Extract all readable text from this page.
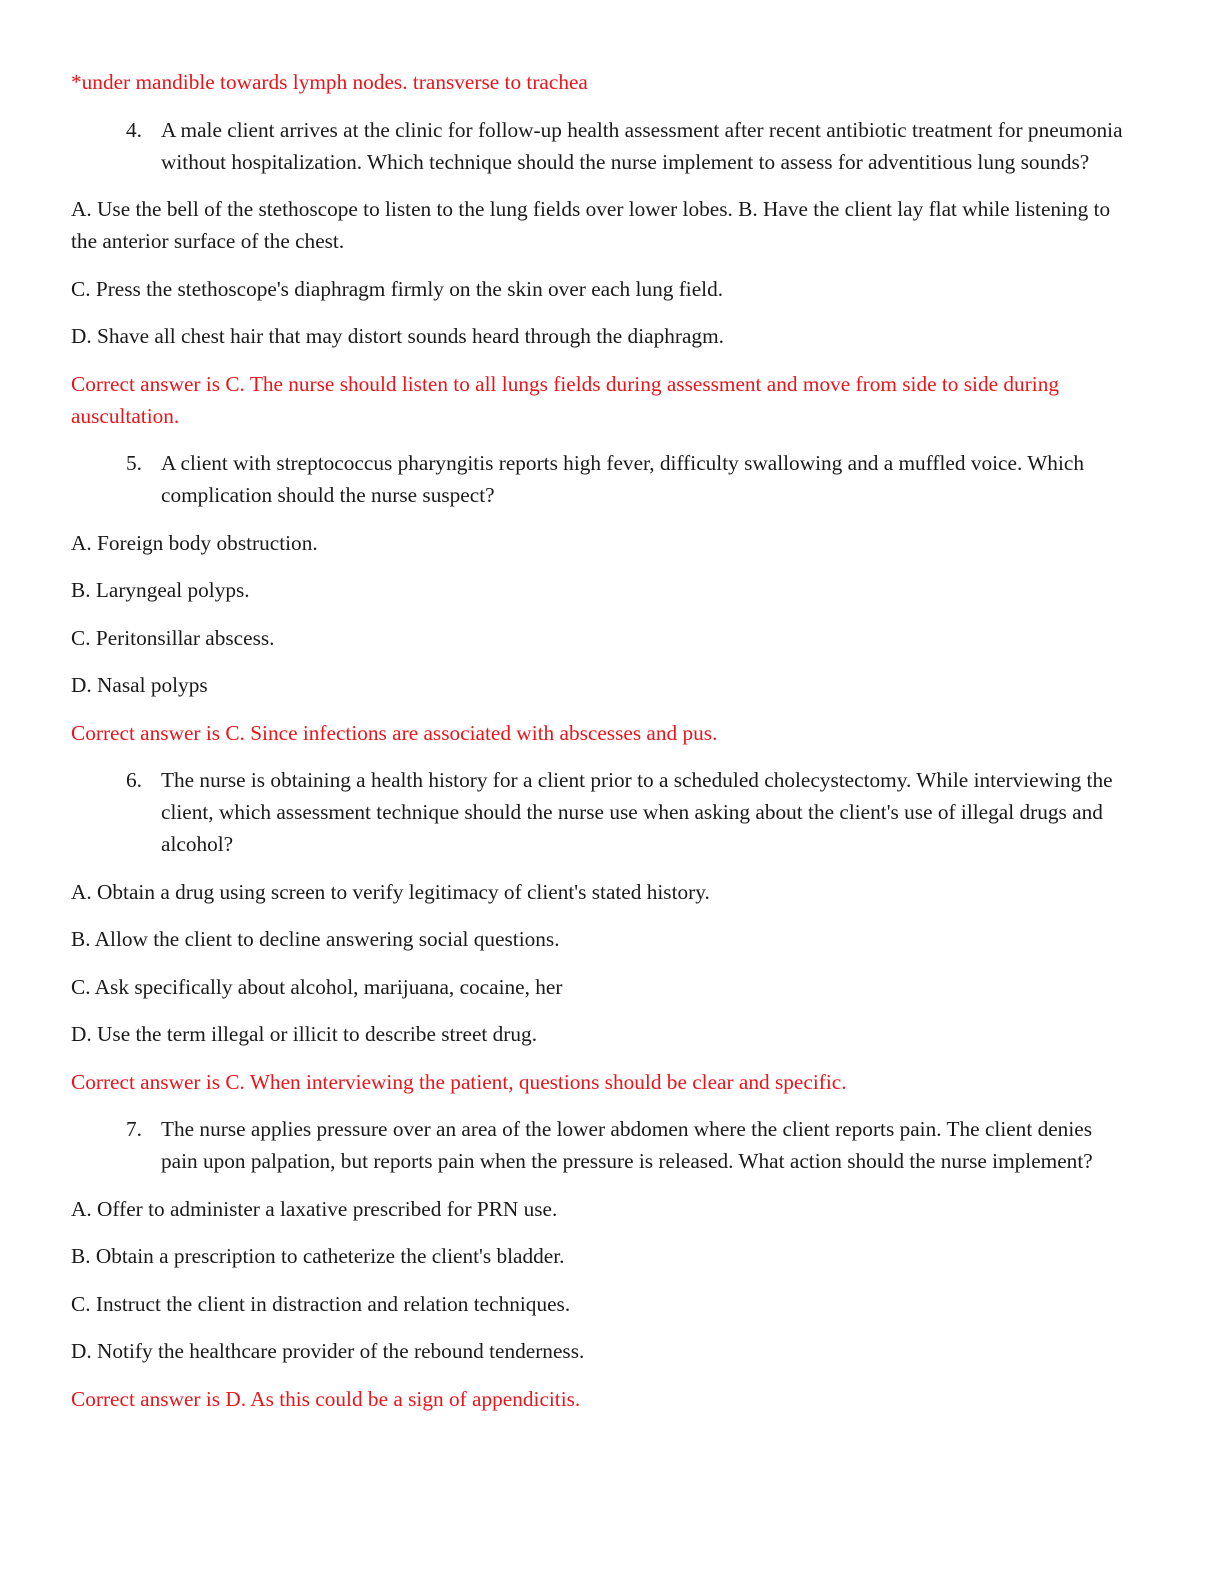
*under mandible towards lymph nodes. transverse to trachea

4. A male client arrives at the clinic for follow-up health assessment after recent antibiotic treatment for pneumonia without hospitalization. Which technique should the nurse implement to assess for adventitious lung sounds?

A. Use the bell of the stethoscope to listen to the lung fields over lower lobes. B. Have the client lay flat while listening to the anterior surface of the chest.

C. Press the stethoscope's diaphragm firmly on the skin over each lung field.

D. Shave all chest hair that may distort sounds heard through the diaphragm.

Correct answer is C. The nurse should listen to all lungs fields during assessment and move from side to side during auscultation.

5. A client with streptococcus pharyngitis reports high fever, difficulty swallowing and a muffled voice. Which complication should the nurse suspect?

A. Foreign body obstruction.

B. Laryngeal polyps.

C. Peritonsillar abscess.

D. Nasal polyps

Correct answer is C. Since infections are associated with abscesses and pus.

6. The nurse is obtaining a health history for a client prior to a scheduled cholecystectomy. While interviewing the client, which assessment technique should the nurse use when asking about the client's use of illegal drugs and alcohol?

A. Obtain a drug using screen to verify legitimacy of client's stated history.

B. Allow the client to decline answering social questions.

C. Ask specifically about alcohol, marijuana, cocaine, her

D. Use the term illegal or illicit to describe street drug.

Correct answer is C. When interviewing the patient, questions should be clear and specific.

7. The nurse applies pressure over an area of the lower abdomen where the client reports pain. The client denies pain upon palpation, but reports pain when the pressure is released. What action should the nurse implement?

A. Offer to administer a laxative prescribed for PRN use.

B. Obtain a prescription to catheterize the client's bladder.

C. Instruct the client in distraction and relation techniques.

D. Notify the healthcare provider of the rebound tenderness.

Correct answer is D. As this could be a sign of appendicitis.
